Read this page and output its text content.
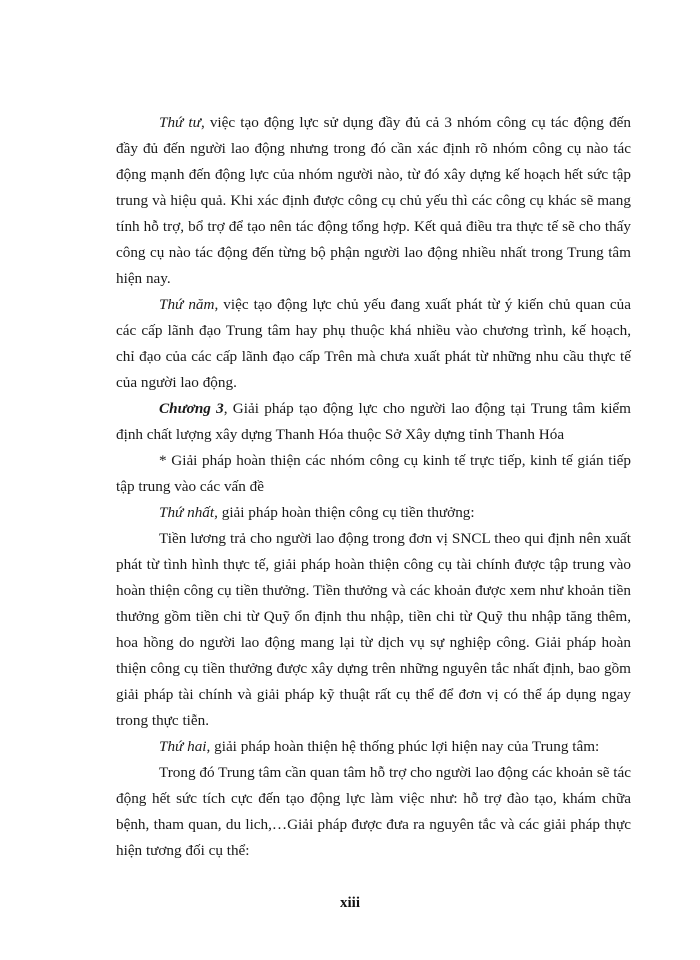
Thứ tư, việc tạo động lực sử dụng đầy đủ cả 3 nhóm công cụ tác động đến đầy đủ đến người lao động nhưng trong đó cần xác định rõ nhóm công cụ nào tác động mạnh đến động lực của nhóm người nào, từ đó xây dựng kế hoạch hết sức tập trung và hiệu quả. Khi xác định được công cụ chủ yếu thì các công cụ khác sẽ mang tính hỗ trợ, bổ trợ để tạo nên tác động tổng hợp. Kết quả điều tra thực tế sẽ cho thấy công cụ nào tác động đến từng bộ phận người lao động nhiều nhất trong Trung tâm hiện nay.

Thứ năm, việc tạo động lực chủ yếu đang xuất phát từ ý kiến chủ quan của các cấp lãnh đạo Trung tâm hay phụ thuộc khá nhiều vào chương trình, kế hoạch, chỉ đạo của các cấp lãnh đạo cấp Trên mà chưa xuất phát từ những nhu cầu thực tế của người lao động.

Chương 3, Giải pháp tạo động lực cho người lao động tại Trung tâm kiểm định chất lượng xây dựng Thanh Hóa thuộc Sở Xây dựng tỉnh Thanh Hóa

* Giải pháp hoàn thiện các nhóm công cụ kinh tế trực tiếp, kinh tế gián tiếp tập trung vào các vấn đề

Thứ nhất, giải pháp hoàn thiện công cụ tiền thưởng:

Tiền lương trả cho người lao động trong đơn vị SNCL theo qui định nên xuất phát từ tình hình thực tế, giải pháp hoàn thiện công cụ tài chính được tập trung vào hoàn thiện công cụ tiền thưởng. Tiền thưởng và các khoản được xem như khoản tiền thưởng gồm tiền chi từ Quỹ ổn định thu nhập, tiền chi từ Quỹ thu nhập tăng thêm, hoa hồng do người lao động mang lại từ dịch vụ sự nghiệp công. Giải pháp hoàn thiện công cụ tiền thưởng được xây dựng trên những nguyên tắc nhất định, bao gồm giải pháp tài chính và giải pháp kỹ thuật rất cụ thể để đơn vị có thể áp dụng ngay trong thực tiễn.

Thứ hai, giải pháp hoàn thiện hệ thống phúc lợi hiện nay của Trung tâm:

Trong đó Trung tâm cần quan tâm hỗ trợ cho người lao động các khoản sẽ tác động hết sức tích cực đến tạo động lực làm việc như: hỗ trợ đào tạo, khám chữa bệnh, tham quan, du lich,…Giải pháp được đưa ra nguyên tắc và các giải pháp thực hiện tương đối cụ thể:

xiii
